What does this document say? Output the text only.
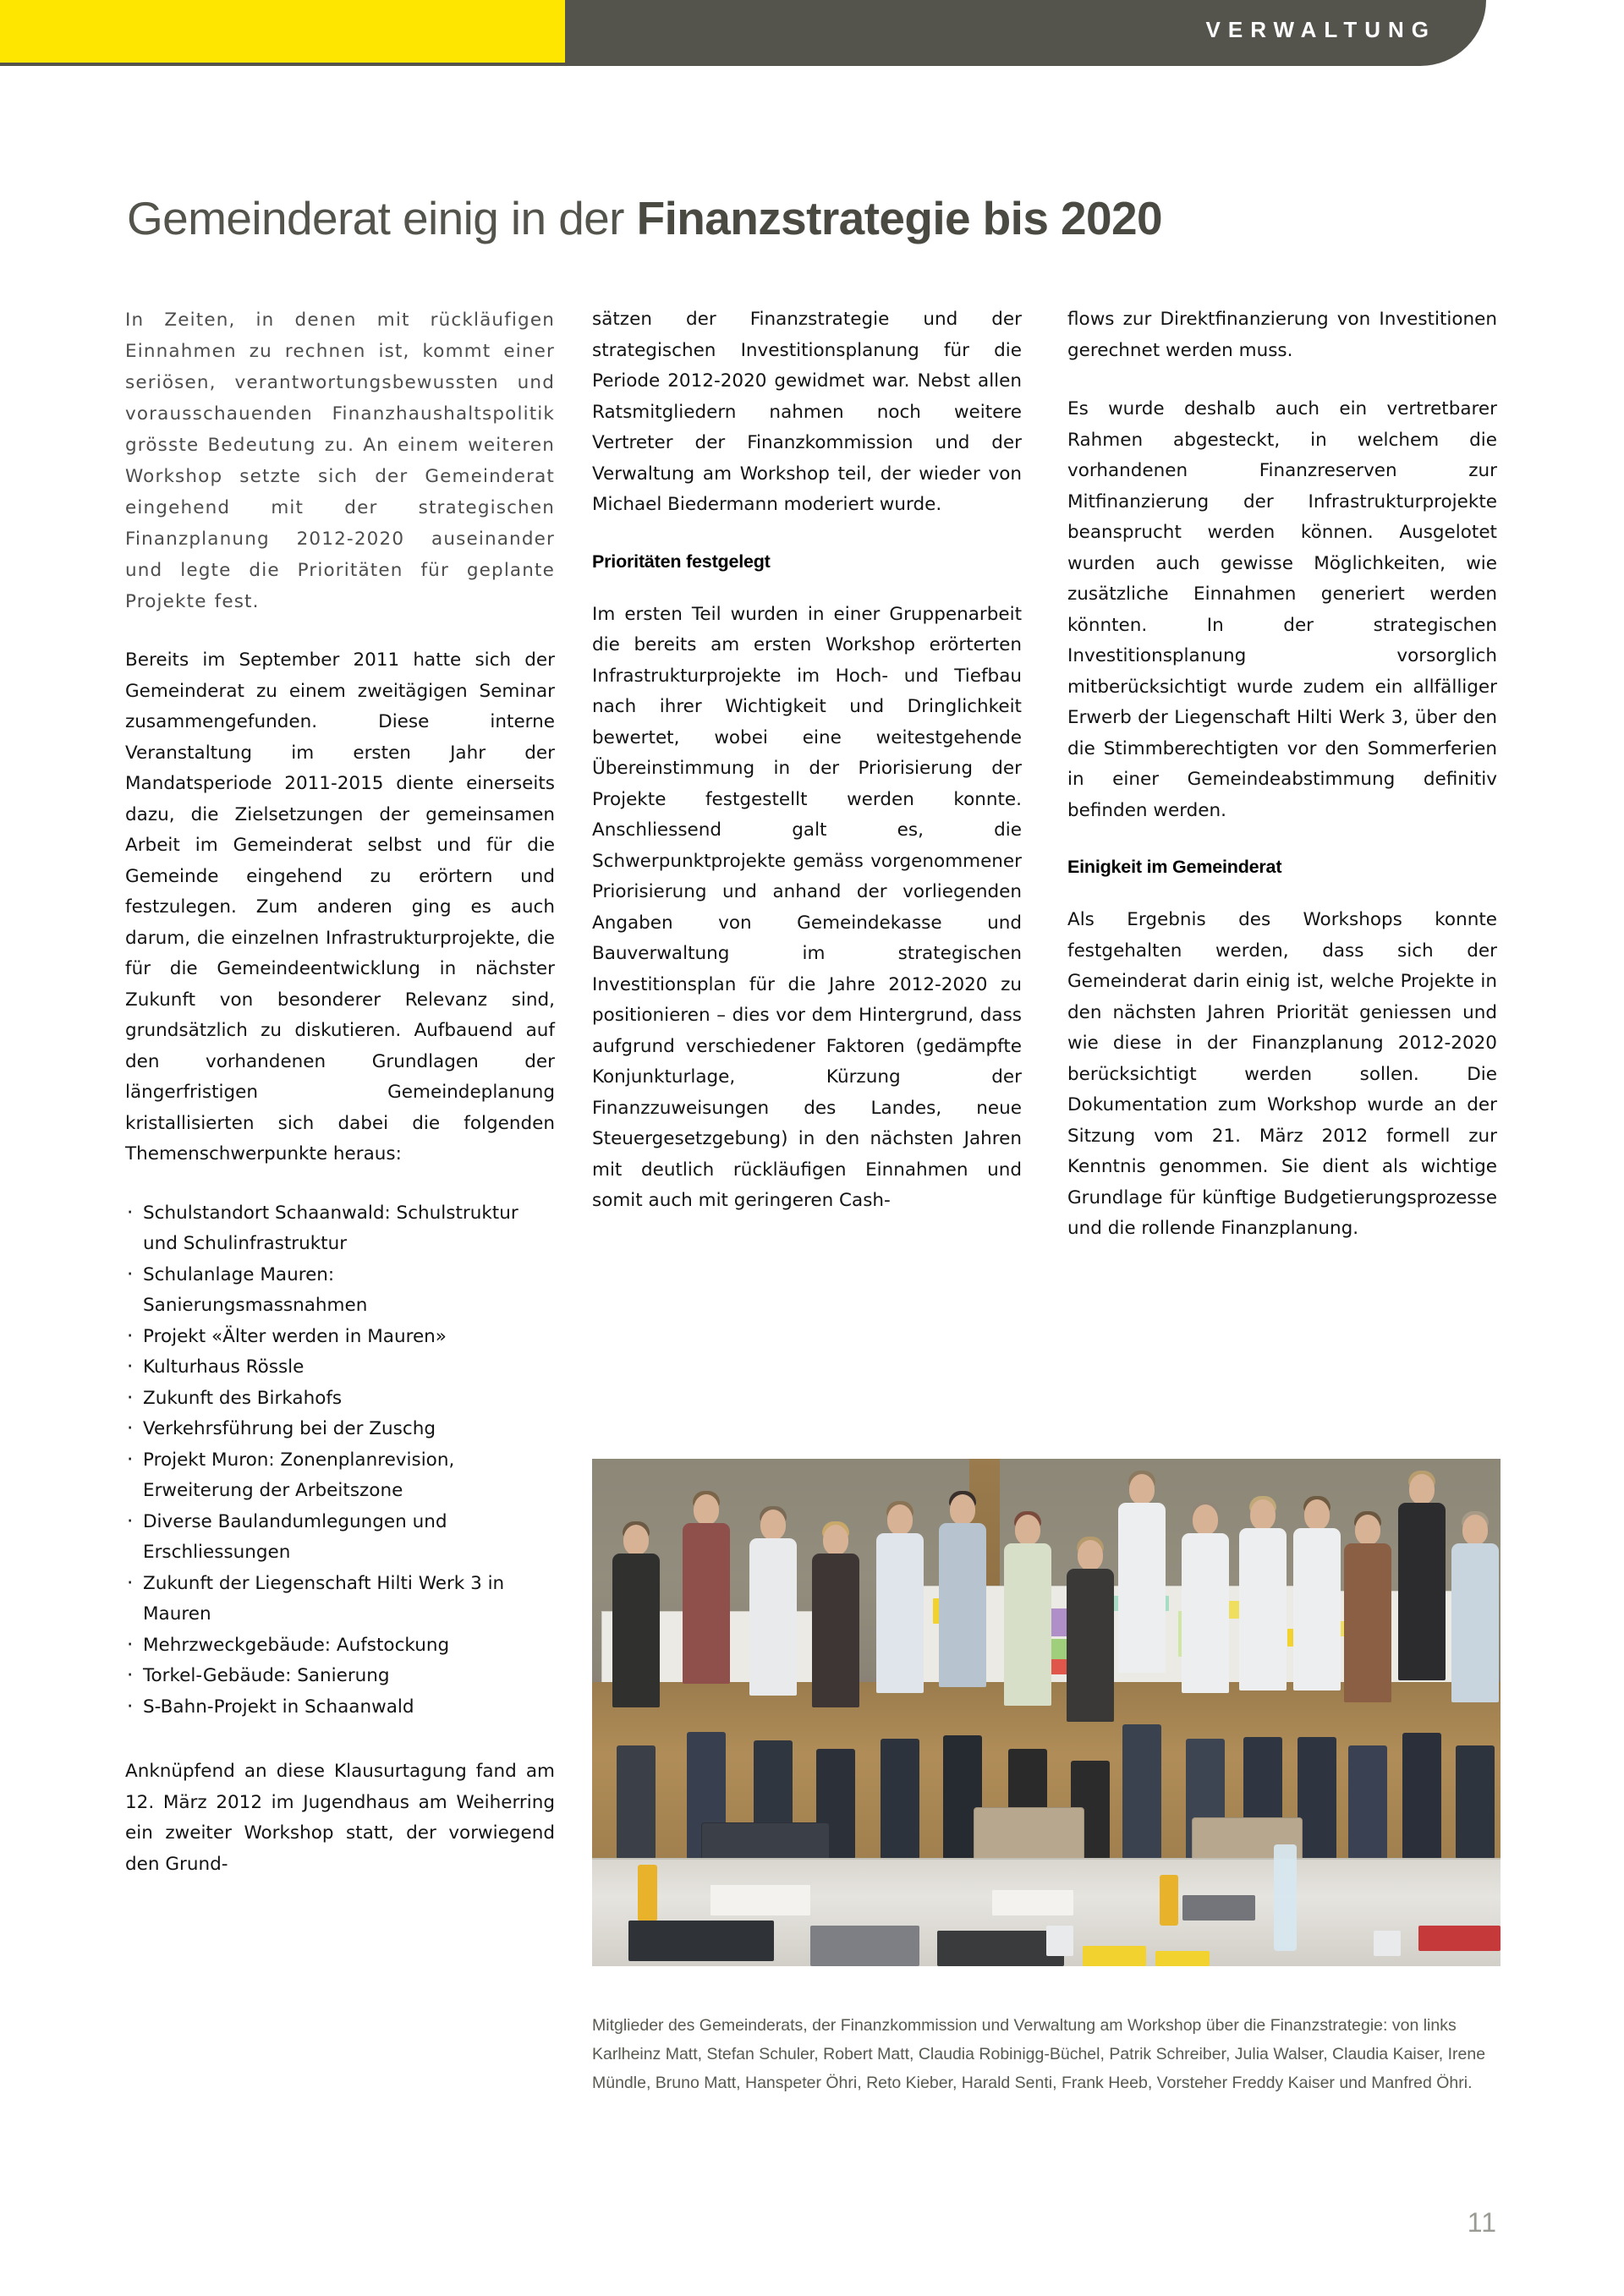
VERWALTUNG
Gemeinderat einig in der Finanzstrategie bis 2020

In Zeiten, in denen mit rückläufigen Einnahmen zu rechnen ist, kommt einer seriösen, verantwortungsbewussten und vorausschauenden Finanzhaushaltspolitik grösste Bedeutung zu. An einem weiteren Workshop setzte sich der Gemeinderat eingehend mit der strategischen Finanzplanung 2012-2020 auseinander und legte die Prioritäten für geplante Projekte fest.

Bereits im September 2011 hatte sich der Gemeinderat zu einem zweitägigen Seminar zusammengefunden. Diese interne Veranstaltung im ersten Jahr der Mandatsperiode 2011-2015 diente einerseits dazu, die Zielsetzungen der gemeinsamen Arbeit im Gemeinderat selbst und für die Gemeinde eingehend zu erörtern und festzulegen. Zum anderen ging es auch darum, die einzelnen Infrastrukturprojekte, die für die Gemeindeentwicklung in nächster Zukunft von besonderer Relevanz sind, grundsätzlich zu diskutieren. Aufbauend auf den vorhandenen Grundlagen der längerfristigen Gemeindeplanung kristallisierten sich dabei die folgenden Themenschwerpunkte heraus:

· Schulstandort Schaanwald: Schulstruktur und Schulinfrastruktur
· Schulanlage Mauren: Sanierungsmassnahmen
· Projekt «Älter werden in Mauren»
· Kulturhaus Rössle
· Zukunft des Birkahofs
· Verkehrsführung bei der Zuschg
· Projekt Muron: Zonenplanrevision, Erweiterung der Arbeitszone
· Diverse Baulandumlegungen und Erschliessungen
· Zukunft der Liegenschaft Hilti Werk 3 in Mauren
· Mehrzweckgebäude: Aufstockung
· Torkel-Gebäude: Sanierung
· S-Bahn-Projekt in Schaanwald

Anknüpfend an diese Klausurtagung fand am 12. März 2012 im Jugendhaus am Weiherring ein zweiter Workshop statt, der vorwiegend den Grund-

sätzen der Finanzstrategie und der strategischen Investitionsplanung für die Periode 2012-2020 gewidmet war. Nebst allen Ratsmitgliedern nahmen noch weitere Vertreter der Finanzkommission und der Verwaltung am Workshop teil, der wieder von Michael Biedermann moderiert wurde.

Prioritäten festgelegt

Im ersten Teil wurden in einer Gruppenarbeit die bereits am ersten Workshop erörterten Infrastrukturprojekte im Hoch- und Tiefbau nach ihrer Wichtigkeit und Dringlichkeit bewertet, wobei eine weitestgehende Übereinstimmung in der Priorisierung der Projekte festgestellt werden konnte. Anschliessend galt es, die Schwerpunktprojekte gemäss vorgenommener Priorisierung und anhand der vorliegenden Angaben von Gemeindekasse und Bauverwaltung im strategischen Investitionsplan für die Jahre 2012-2020 zu positionieren – dies vor dem Hintergrund, dass aufgrund verschiedener Faktoren (gedämpfte Konjunkturlage, Kürzung der Finanzzuweisungen des Landes, neue Steuergesetzgebung) in den nächsten Jahren mit deutlich rückläufigen Einnahmen und somit auch mit geringeren Cash-

flows zur Direktfinanzierung von Investitionen gerechnet werden muss.

Es wurde deshalb auch ein vertretbarer Rahmen abgesteckt, in welchem die vorhandenen Finanzreserven zur Mitfinanzierung der Infrastrukturprojekte beansprucht werden können. Ausgelotet wurden auch gewisse Möglichkeiten, wie zusätzliche Einnahmen generiert werden könnten. In der strategischen Investitionsplanung vorsorglich mitberücksichtigt wurde zudem ein allfälliger Erwerb der Liegenschaft Hilti Werk 3, über den die Stimmberechtigten vor den Sommerferien in einer Gemeindeabstimmung definitiv befinden werden.

Einigkeit im Gemeinderat

Als Ergebnis des Workshops konnte festgehalten werden, dass sich der Gemeinderat darin einig ist, welche Projekte in den nächsten Jahren Priorität geniessen und wie diese in der Finanzplanung 2012-2020 berücksichtigt werden sollen. Die Dokumentation zum Workshop wurde an der Sitzung vom 21. März 2012 formell zur Kenntnis genommen. Sie dient als wichtige Grundlage für künftige Budgetierungsprozesse und die rollende Finanzplanung.

Mitglieder des Gemeinderats, der Finanzkommission und Verwaltung am Workshop über die Finanzstrategie: von links Karlheinz Matt, Stefan Schuler, Robert Matt, Claudia Robinigg-Büchel, Patrik Schreiber, Julia Walser, Claudia Kaiser, Irene Mündle, Bruno Matt, Hanspeter Öhri, Reto Kieber, Harald Senti, Frank Heeb, Vorsteher Freddy Kaiser und Manfred Öhri.
11
